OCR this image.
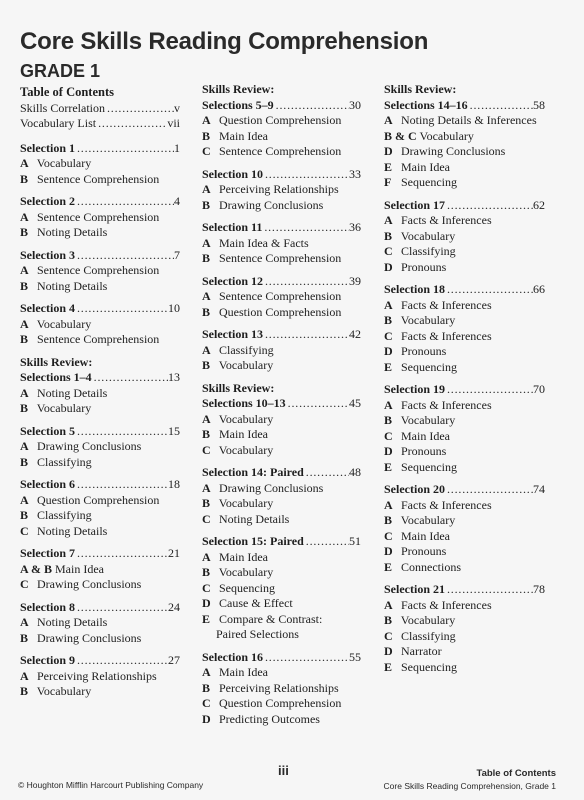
Core Skills Reading Comprehension
GRADE 1
Table of Contents
Skills Correlation . . .	v
Vocabulary List . . .	vii
Selection 1 . . .	1
A Vocabulary
B Sentence Comprehension
Selection 2 . . .	4
A Sentence Comprehension
B Noting Details
Selection 3 . . .	7
A Sentence Comprehension
B Noting Details
Selection 4 . . .	10
A Vocabulary
B Sentence Comprehension
Skills Review:
Selections 1–4 . . .	13
A Noting Details
B Vocabulary
Selection 5 . . .	15
A Drawing Conclusions
B Classifying
Selection 6 . . .	18
A Question Comprehension
B Classifying
C Noting Details
Selection 7 . . .	21
A & B Main Idea
C Drawing Conclusions
Selection 8 . . .	24
A Noting Details
B Drawing Conclusions
Selection 9 . . .	27
A Perceiving Relationships
B Vocabulary
Skills Review:
Selections 5–9 . . .	30
A Question Comprehension
B Main Idea
C Sentence Comprehension
Selection 10 . . .	33
A Perceiving Relationships
B Drawing Conclusions
Selection 11 . . .	36
A Main Idea & Facts
B Sentence Comprehension
Selection 12 . . .	39
A Sentence Comprehension
B Question Comprehension
Selection 13 . . .	42
A Classifying
B Vocabulary
Skills Review:
Selections 10–13 . . .	45
A Vocabulary
B Main Idea
C Vocabulary
Selection 14: Paired . . .	48
A Drawing Conclusions
B Vocabulary
C Noting Details
Selection 15: Paired . . .	51
A Main Idea
B Vocabulary
C Sequencing
D Cause & Effect
E Compare & Contrast:
Paired Selections
Selection 16 . . .	55
A Main Idea
B Perceiving Relationships
C Question Comprehension
D Predicting Outcomes
Skills Review:
Selections 14–16 . . .	58
A Noting Details & Inferences
B & C Vocabulary
D Drawing Conclusions
E Main Idea
F Sequencing
Selection 17 . . .	62
A Facts & Inferences
B Vocabulary
C Classifying
D Pronouns
Selection 18 . . .	66
A Facts & Inferences
B Vocabulary
C Facts & Inferences
D Pronouns
E Sequencing
Selection 19 . . .	70
A Facts & Inferences
B Vocabulary
C Main Idea
D Pronouns
E Sequencing
Selection 20 . . .	74
A Facts & Inferences
B Vocabulary
C Main Idea
D Pronouns
E Connections
Selection 21 . . .	78
A Facts & Inferences
B Vocabulary
C Classifying
D Narrator
E Sequencing
© Houghton Mifflin Harcourt Publishing Company
iii	Table of Contents
Core Skills Reading Comprehension, Grade 1
